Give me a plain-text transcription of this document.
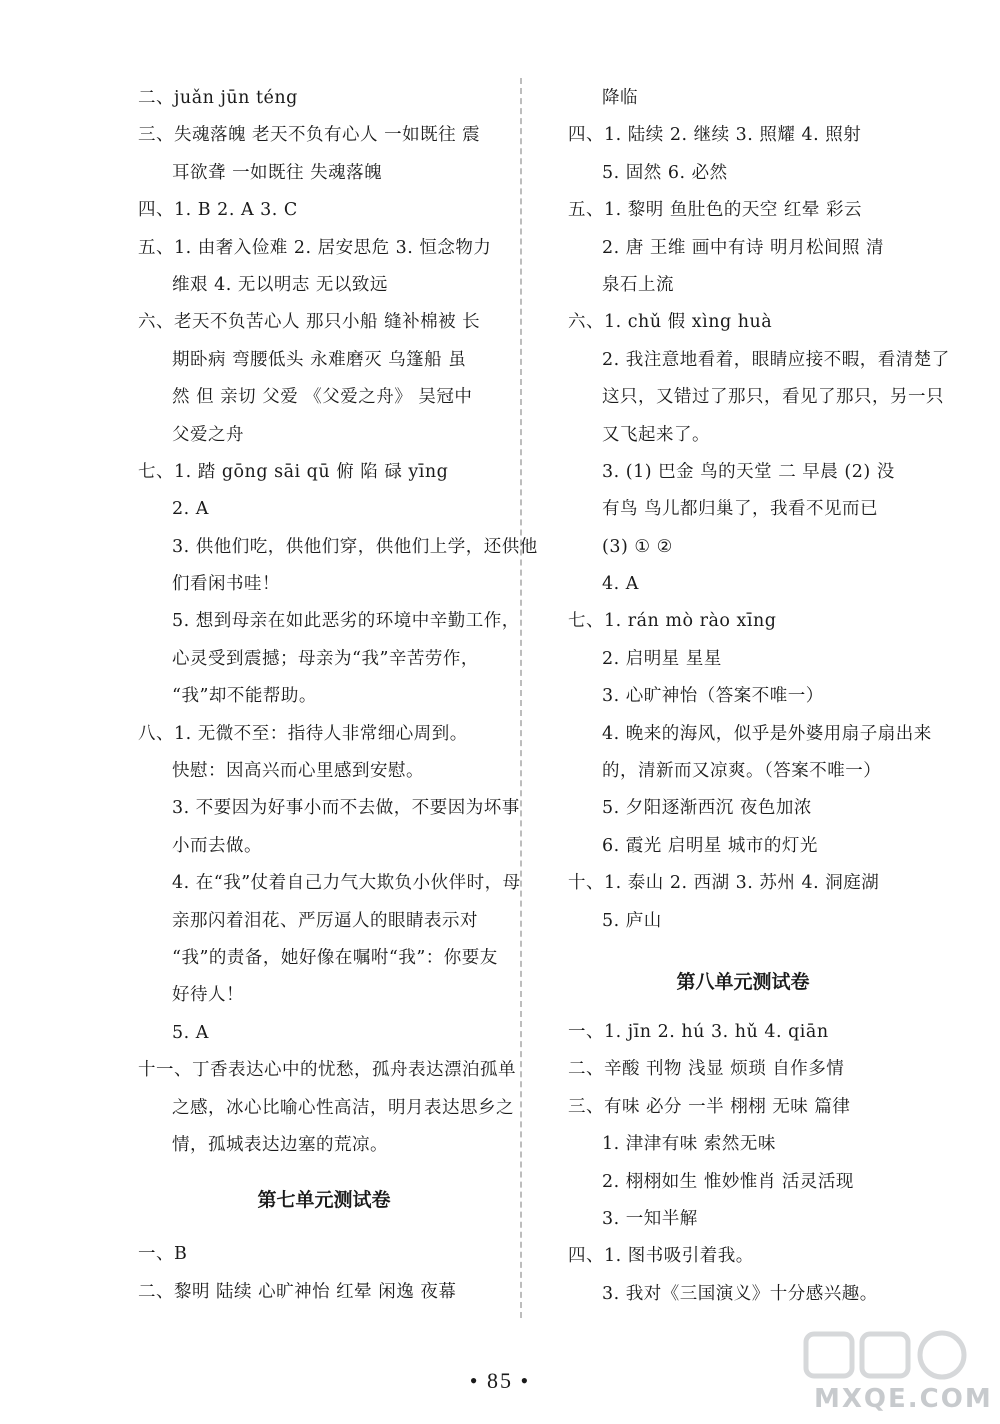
二、juǎn jūn téng
三、失魂落魄 老天不负有心人 一如既往 震
耳欲聋 一如既往 失魂落魄
四、1. B 2. A 3. C
五、1. 由奢入俭难 2. 居安思危 3. 恒念物力
维艰 4. 无以明志 无以致远
六、老天不负苦心人 那只小船 缝补棉被 长
期卧病 弯腰低头 永难磨灭 乌篷船 虽
然 但 亲切 父爱 《父爱之舟》 吴冠中
父爱之舟
七、1. 踏 gōng sāi qū 俯 陷 碌 yīng
2. A
3. 供他们吃，供他们穿，供他们上学，还供他
们看闲书哇！
5. 想到母亲在如此恶劣的环境中辛勤工作，
心灵受到震撼；母亲为“我”辛苦劳作，
“我”却不能帮助。
八、1. 无微不至：指待人非常细心周到。
快慰：因高兴而心里感到安慰。
3. 不要因为好事小而不去做，不要因为坏事
小而去做。
4. 在“我”仗着自己力气大欺负小伙伴时，母
亲那闪着泪花、严厉逼人的眼睛表示对
“我”的责备，她好像在嘱咐“我”：你要友
好待人！
5. A
十一、丁香表达心中的忧愁，孤舟表达漂泊孤单
之感，冰心比喻心性高洁，明月表达思乡之
情，孤城表达边塞的荒凉。
第七单元测试卷
一、B
二、黎明 陆续 心旷神怡 红晕 闲逸 夜幕
降临
四、1. 陆续 2. 继续 3. 照耀 4. 照射
5. 固然 6. 必然
五、1. 黎明 鱼肚色的天空 红晕 彩云
2. 唐 王维 画中有诗 明月松间照 清
泉石上流
六、1. chǔ 假 xìng huà
2. 我注意地看着，眼睛应接不暇，看清楚了
这只，又错过了那只，看见了那只，另一只
又飞起来了。
3. (1) 巴金 鸟的天堂 二 早晨 (2) 没
有鸟 鸟儿都归巢了，我看不见而已
(3) ① ②
4. A
七、1. rán mò rào xīng
2. 启明星 星星
3. 心旷神怡（答案不唯一）
4. 晚来的海风，似乎是外婆用扇子扇出来
的，清新而又凉爽。（答案不唯一）
5. 夕阳逐渐西沉 夜色加浓
6. 霞光 启明星 城市的灯光
十、1. 泰山 2. 西湖 3. 苏州 4. 洞庭湖
5. 庐山
第八单元测试卷
一、1. jīn 2. hú 3. hǔ 4. qiān
二、辛酸 刊物 浅显 烦琐 自作多情
三、有味 必分 一半 栩栩 无味 篇律
1. 津津有味 索然无味
2. 栩栩如生 惟妙惟肖 活灵活现
3. 一知半解
四、1. 图书吸引着我。
3. 我对《三国演义》十分感兴趣。
• 85 •
MXQE.COM
